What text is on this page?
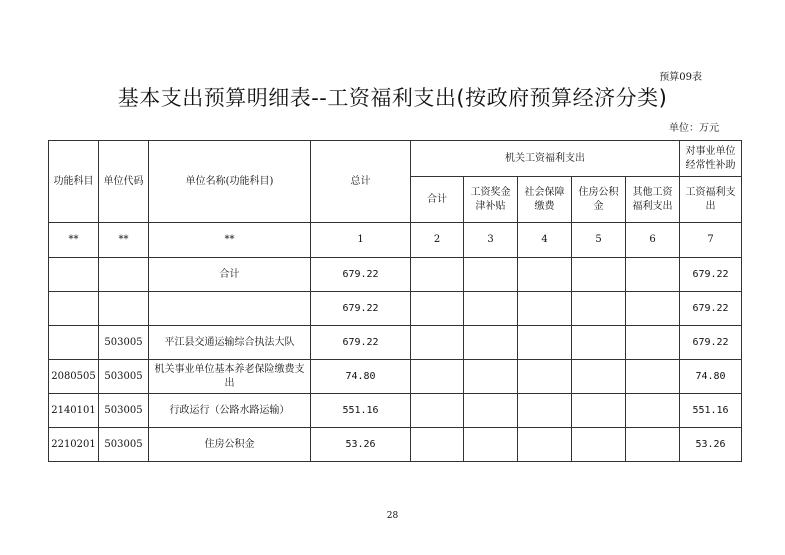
预算09表
基本支出预算明细表--工资福利支出(按政府预算经济分类)
单位：万元
功能科目	单位代码	单位名称(功能科目)	总计	机关工资福利支出					对事业单位经常性补助
				合计	工资奖金津补贴	社会保障缴费	住房公积金	其他工资福利支出	工资福利支出
**	**	**	1	2	3	4	5	6	7
		合计	679.22						679.22
			679.22						679.22
	503005	平江县交通运输综合执法大队	679.22						679.22
2080505	503005	机关事业单位基本养老保险缴费支出	74.80						74.80
2140101	503005	行政运行（公路水路运输）	551.16						551.16
2210201	503005	住房公积金	53.26						53.26
28
